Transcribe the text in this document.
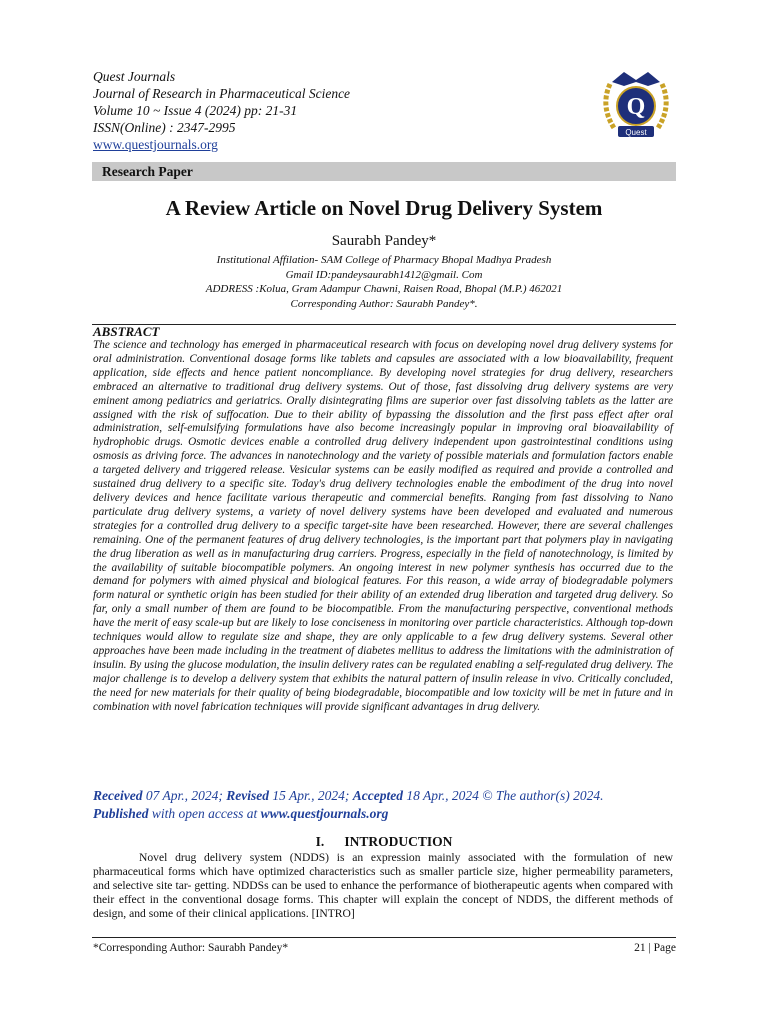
Quest Journals
Journal of Research in Pharmaceutical Science
Volume 10 ~ Issue 4 (2024) pp: 21-31
ISSN(Online) : 2347-2995
www.questjournals.org
Q
Quest
Research Paper
A Review Article on Novel Drug Delivery System
Saurabh Pandey*
Institutional Affilation- SAM College of Pharmacy Bhopal Madhya Pradesh
Gmail ID:pandeysaurabh1412@gmail. Com
ADDRESS :Kolua, Gram Adampur Chawni, Raisen Road, Bhopal (M.P.) 462021
Corresponding Author: Saurabh Pandey*.
ABSTRACT
The science and technology has emerged in pharmaceutical research with focus on developing novel drug delivery systems for oral administration. Conventional dosage forms like tablets and capsules are associated with a low bioavailability, frequent application, side effects and hence patient noncompliance. By developing novel strategies for drug delivery, researchers embraced an alternative to traditional drug delivery systems. Out of those, fast dissolving drug delivery systems are very eminent among pediatrics and geriatrics. Orally disintegrating films are superior over fast dissolving tablets as the latter are assigned with the risk of suffocation. Due to their ability of bypassing the dissolution and the first pass effect after oral administration, self-emulsifying formulations have also become increasingly popular in improving oral bioavailability of hydrophobic drugs. Osmotic devices enable a controlled drug delivery independent upon gastrointestinal conditions using osmosis as driving force. The advances in nanotechnology and the variety of possible materials and formulation factors enable a targeted delivery and triggered release. Vesicular systems can be easily modified as required and provide a controlled and sustained drug delivery to a specific site. Today's drug delivery technologies enable the embodiment of the drug into novel delivery devices and hence facilitate various therapeutic and commercial benefits. Ranging from fast dissolving to Nano particulate drug delivery systems, a variety of novel delivery systems have been developed and evaluated and numerous strategies for a controlled drug delivery to a specific target-site have been researched. However, there are several challenges remaining. One of the permanent features of drug delivery technologies, is the important part that polymers play in navigating the drug liberation as well as in manufacturing drug carriers. Progress, especially in the field of nanotechnology, is limited by the availability of suitable biocompatible polymers. An ongoing interest in new polymer synthesis has occurred due to the demand for polymers with aimed physical and biological features. For this reason, a wide array of biodegradable polymers form natural or synthetic origin has been studied for their ability of an extended drug liberation and targeted drug delivery. So far, only a small number of them are found to be biocompatible. From the manufacturing perspective, conventional methods have the merit of easy scale-up but are likely to lose conciseness in monitoring over particle characteristics. Although top-down techniques would allow to regulate size and shape, they are only applicable to a few drug delivery systems. Several other approaches have been made including in the treatment of diabetes mellitus to address the limitations with the administration of insulin. By using the glucose modulation, the insulin delivery rates can be regulated enabling a self-regulated drug delivery. The major challenge is to develop a delivery system that exhibits the natural pattern of insulin release in vivo. Critically concluded, the need for new materials for their quality of being biodegradable, biocompatible and low toxicity will be met in future and in combination with novel fabrication techniques will provide significant advantages in drug delivery.
Received 07 Apr., 2024; Revised 15 Apr., 2024; Accepted 18 Apr., 2024 © The author(s) 2024. Published with open access at www.questjournals.org
I. INTRODUCTION
Novel drug delivery system (NDDS) is an expression mainly associated with the formulation of new pharmaceutical forms which have optimized characteristics such as smaller particle size, higher permeability parameters, and selective site tar- getting. NDDSs can be used to enhance the performance of biotherapeutic agents when compared with their effect in the conventional dosage forms. This chapter will explain the concept of NDDS, the different methods of design, and some of their clinical applications. [INTRO]
*Corresponding Author: Saurabh Pandey*	21 | Page
